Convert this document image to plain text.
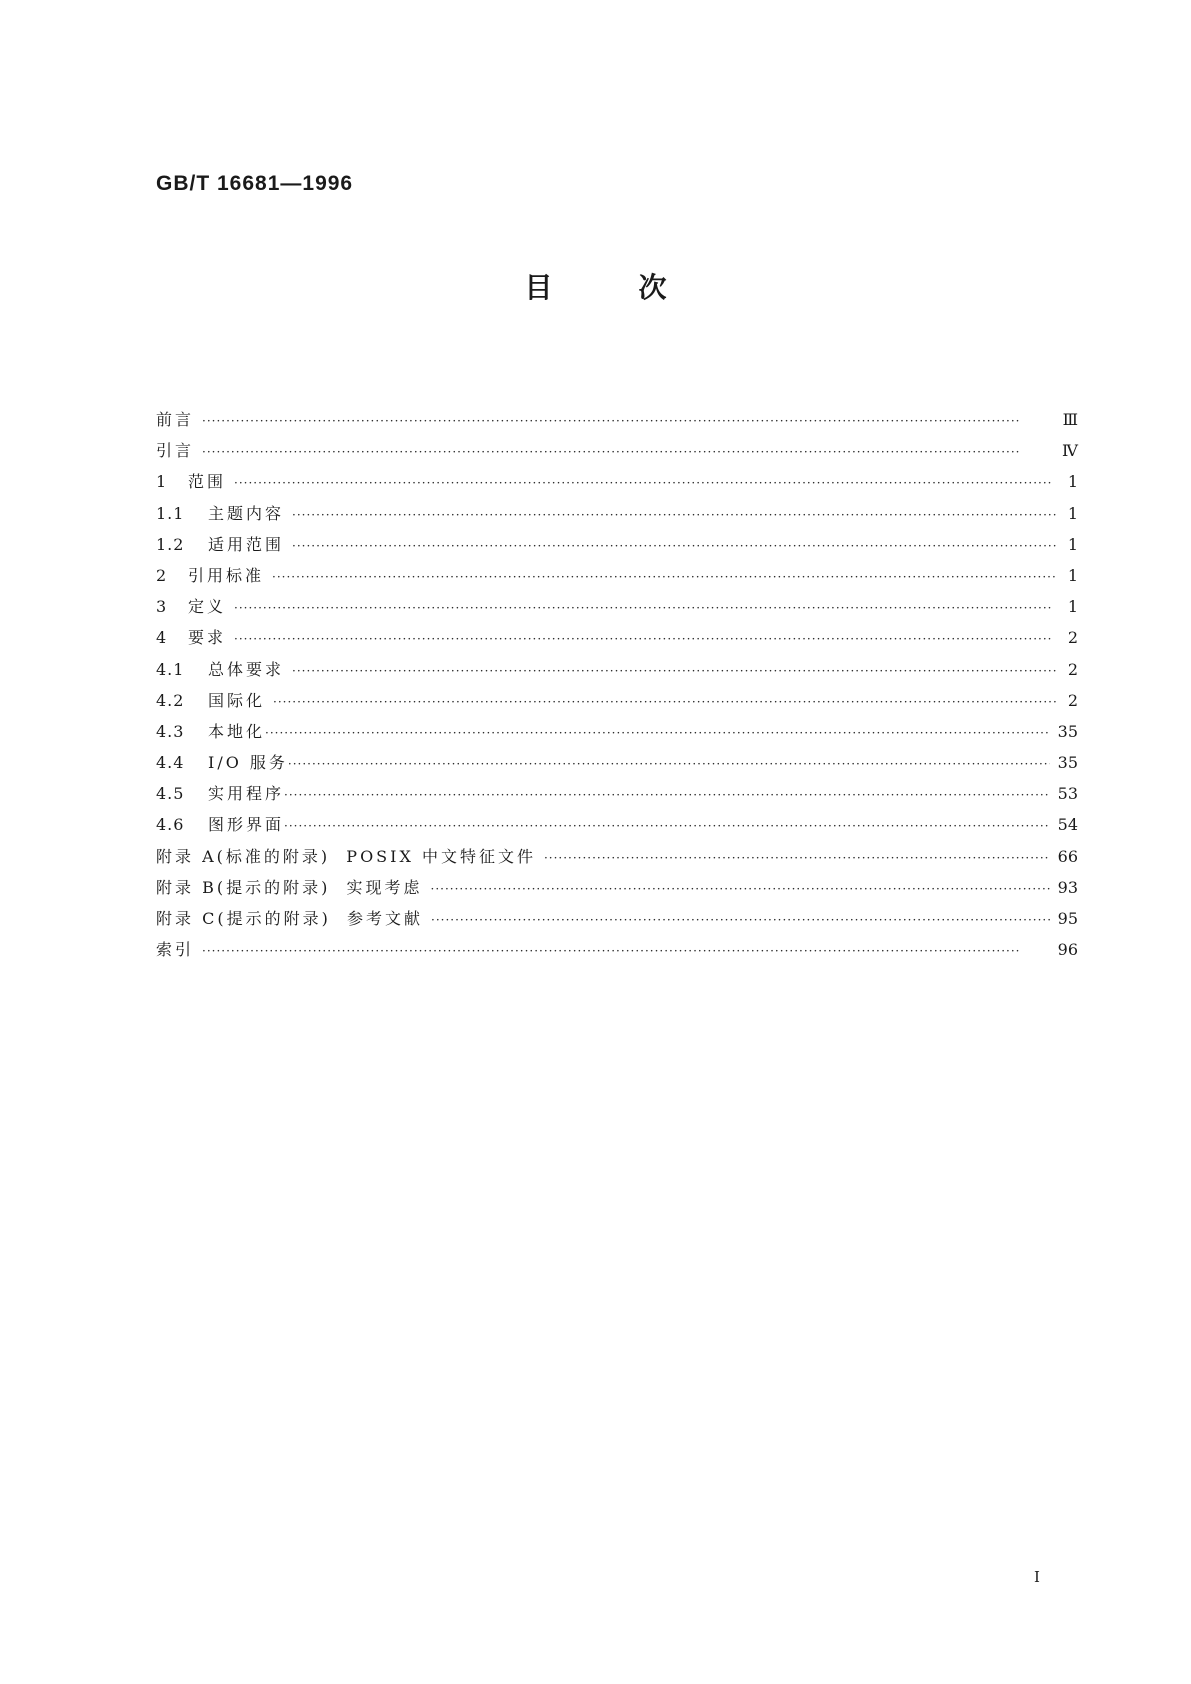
GB/T 16681—1996
目	次
前言 ·····	Ⅲ
引言 ·····	Ⅳ
1	范围 ·····	1
1.1	主题内容 ·····	1
1.2	适用范围 ·····	1
2	引用标准 ·····	1
3	定义 ·····	1
4	要求 ·····	2
4.1	总体要求 ·····	2
4.2	国际化 ·····	2
4.3	本地化 ·····	35
4.4	I/O 服务 ·····	35
4.5	实用程序 ·····	53
4.6	图形界面 ·····	54
附录 A(标准的附录)  POSIX 中文特征文件 ·····	66
附录 B(提示的附录)  实现考虑 ·····	93
附录 C(提示的附录)  参考文献 ·····	95
索引 ·····	96
I
